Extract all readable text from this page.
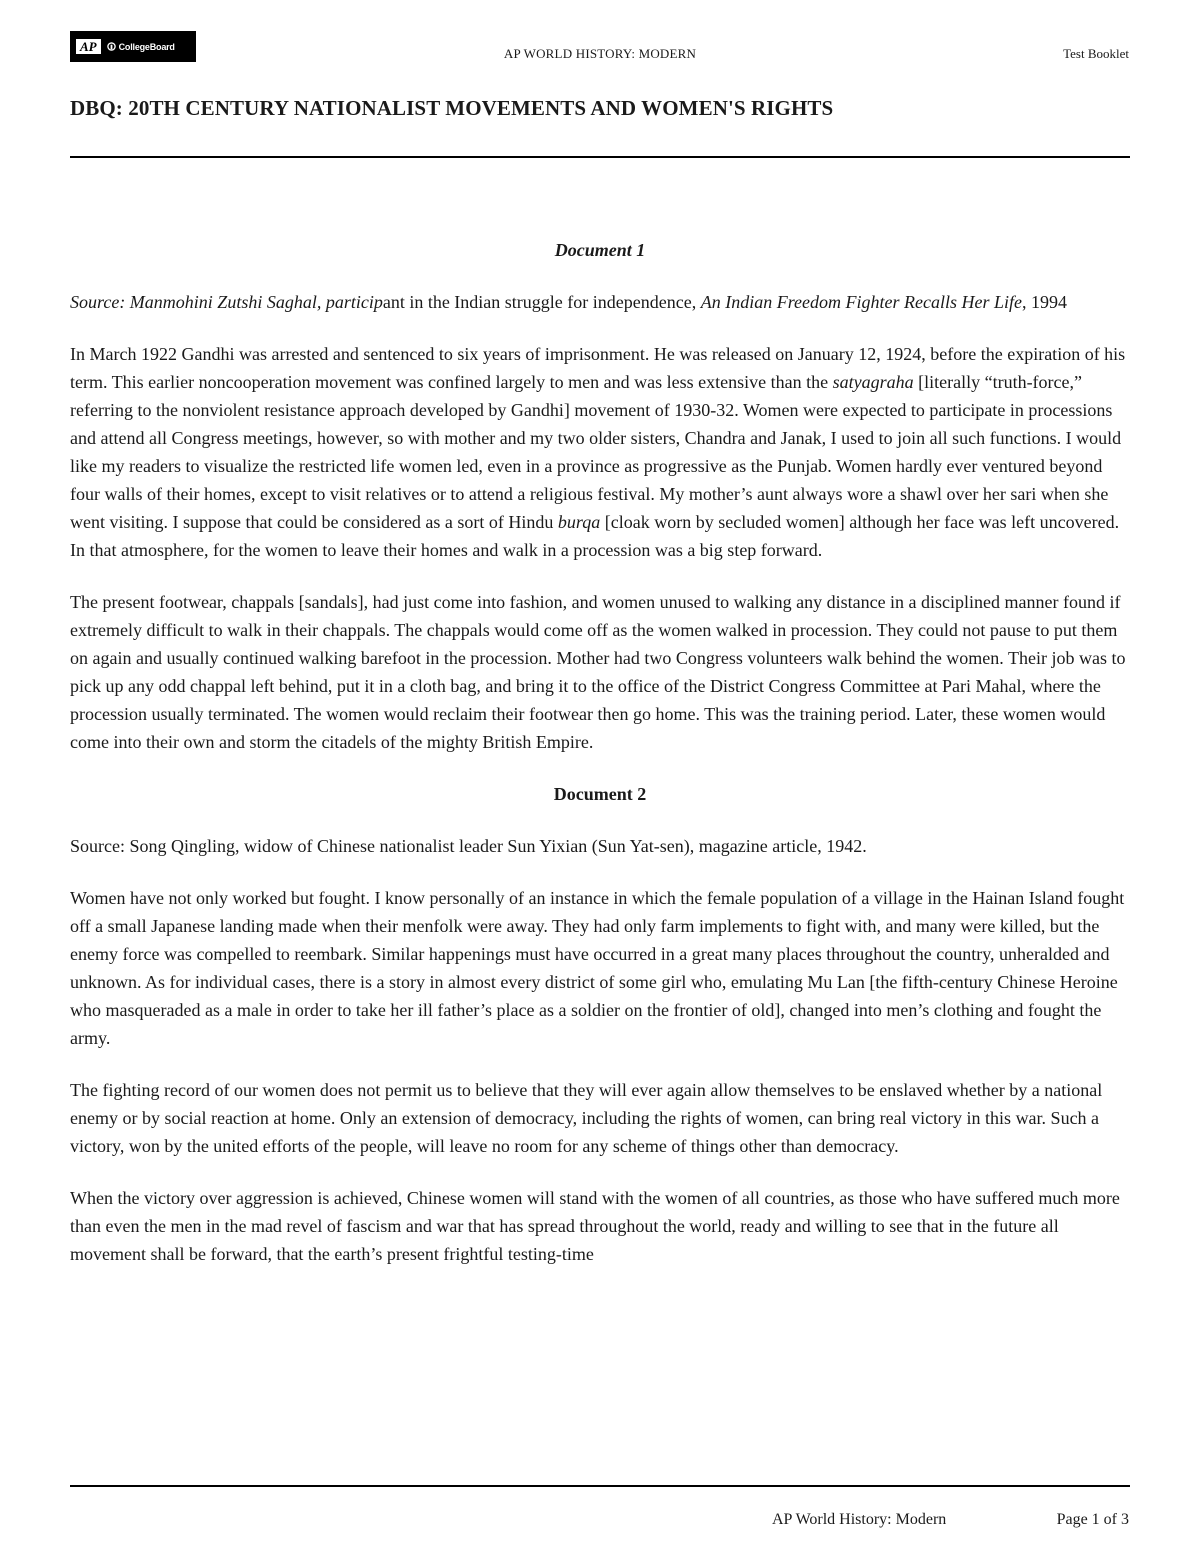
AP	CollegeBoard	AP WORLD HISTORY: MODERN	Test Booklet
DBQ: 20TH CENTURY NATIONALIST MOVEMENTS AND WOMEN'S RIGHTS

Document 1

Source: Manmohini Zutshi Saghal, participant in the Indian struggle for independence, An Indian Freedom Fighter Recalls Her Life, 1994

In March 1922 Gandhi was arrested and sentenced to six years of imprisonment. He was released on January 12, 1924, before the expiration of his term. This earlier noncooperation movement was confined largely to men and was less extensive than the satyagraha [literally “truth-force,” referring to the nonviolent resistance approach developed by Gandhi] movement of 1930-32. Women were expected to participate in processions and attend all Congress meetings, however, so with mother and my two older sisters, Chandra and Janak, I used to join all such functions. I would like my readers to visualize the restricted life women led, even in a province as progressive as the Punjab. Women hardly ever ventured beyond four walls of their homes, except to visit relatives or to attend a religious festival. My mother’s aunt always wore a shawl over her sari when she went visiting. I suppose that could be considered as a sort of Hindu burqa [cloak worn by secluded women] although her face was left uncovered. In that atmosphere, for the women to leave their homes and walk in a procession was a big step forward.

The present footwear, chappals [sandals], had just come into fashion, and women unused to walking any distance in a disciplined manner found if extremely difficult to walk in their chappals. The chappals would come off as the women walked in procession. They could not pause to put them on again and usually continued walking barefoot in the procession. Mother had two Congress volunteers walk behind the women. Their job was to pick up any odd chappal left behind, put it in a cloth bag, and bring it to the office of the District Congress Committee at Pari Mahal, where the procession usually terminated. The women would reclaim their footwear then go home. This was the training period. Later, these women would come into their own and storm the citadels of the mighty British Empire.

Document 2

Source: Song Qingling, widow of Chinese nationalist leader Sun Yixian (Sun Yat-sen), magazine article, 1942.

Women have not only worked but fought. I know personally of an instance in which the female population of a village in the Hainan Island fought off a small Japanese landing made when their menfolk were away. They had only farm implements to fight with, and many were killed, but the enemy force was compelled to reembark. Similar happenings must have occurred in a great many places throughout the country, unheralded and unknown. As for individual cases, there is a story in almost every district of some girl who, emulating Mu Lan [the fifth-century Chinese Heroine who masqueraded as a male in order to take her ill father’s place as a soldier on the frontier of old], changed into men’s clothing and fought the army.

The fighting record of our women does not permit us to believe that they will ever again allow themselves to be enslaved whether by a national enemy or by social reaction at home. Only an extension of democracy, including the rights of women, can bring real victory in this war. Such a victory, won by the united efforts of the people, will leave no room for any scheme of things other than democracy.

When the victory over aggression is achieved, Chinese women will stand with the women of all countries, as those who have suffered much more than even the men in the mad revel of fascism and war that has spread throughout the world, ready and willing to see that in the future all movement shall be forward, that the earth’s present frightful testing-time

AP World History: Modern	Page 1 of 3
